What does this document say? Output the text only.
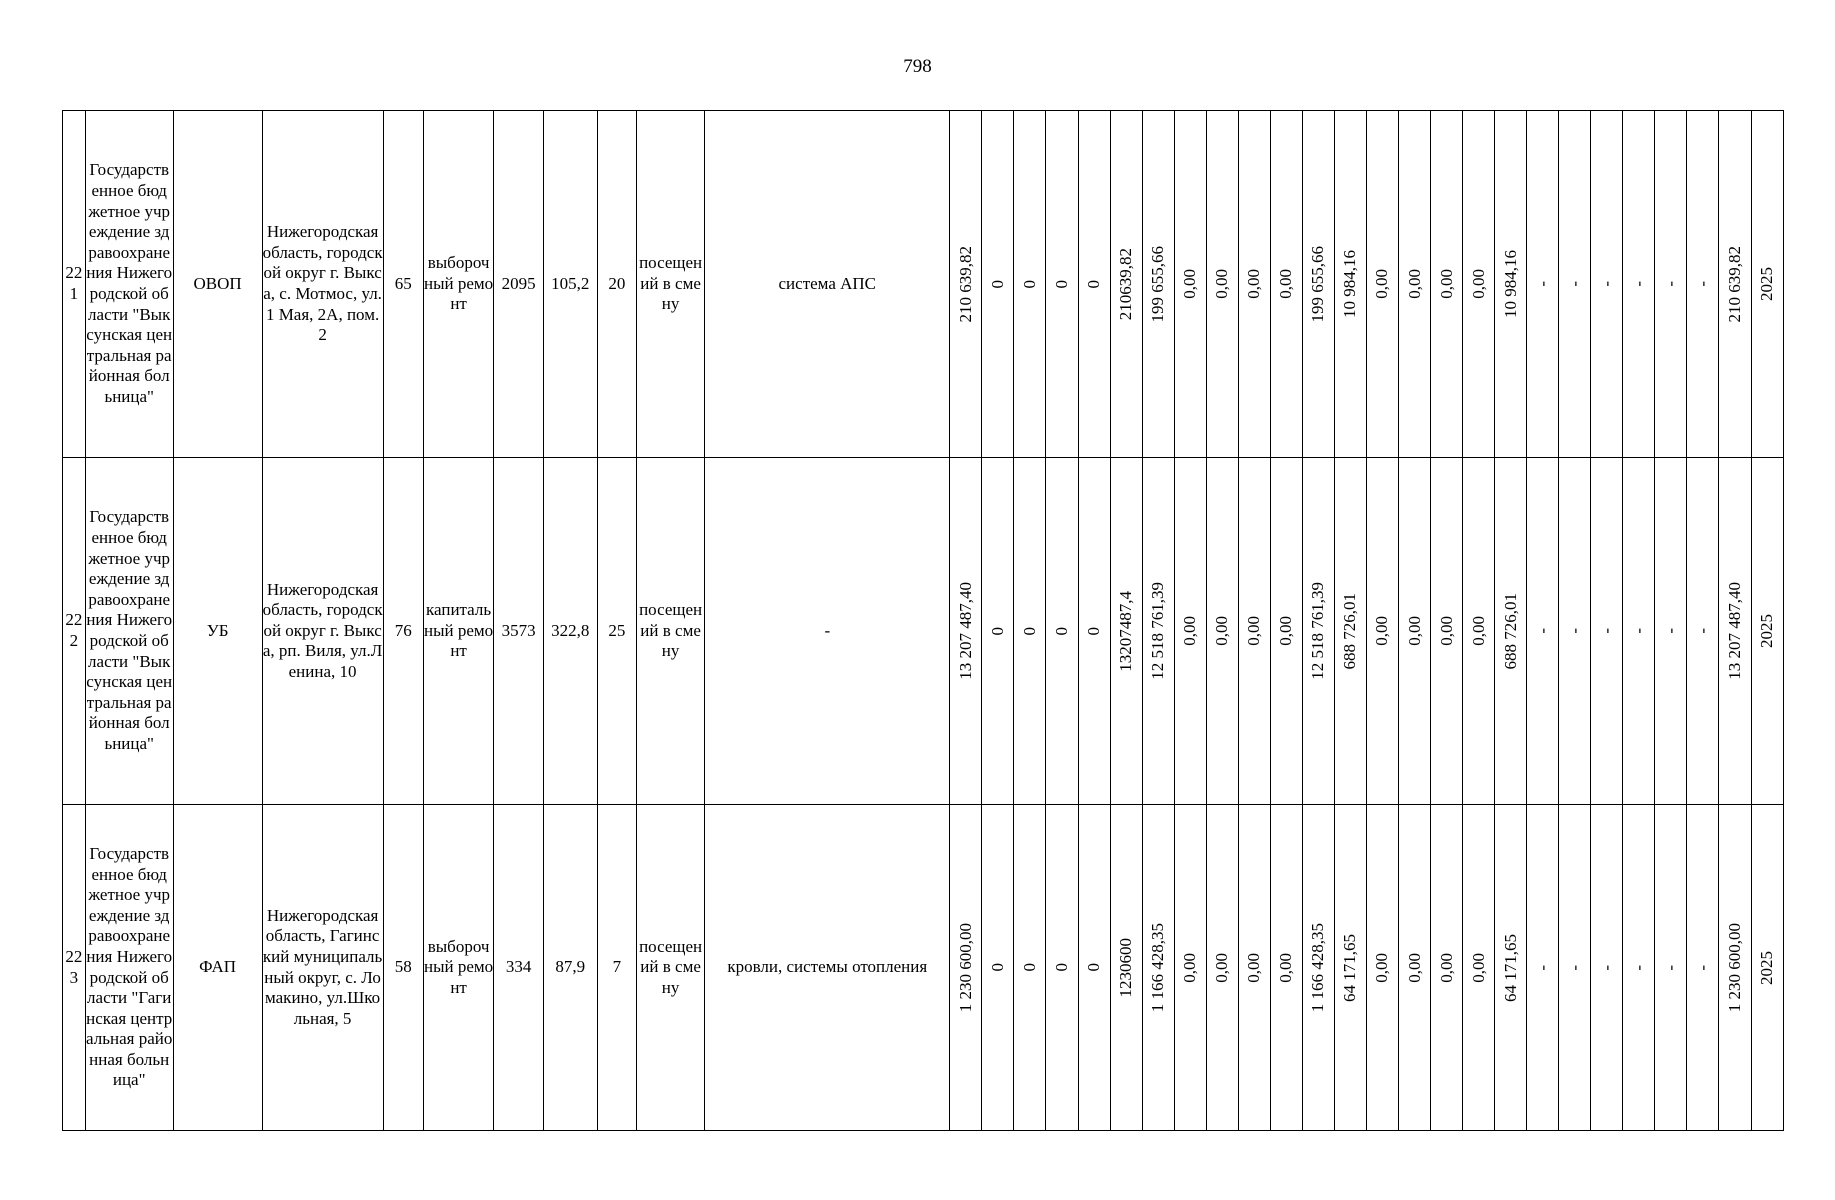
798
221	Государственное бюджетное учреждение здравоохранения Нижегородской области "Выксунская центральная районная больница"	ОВОП	Нижегородская область, городской округ г. Выкса, с. Мотмос, ул.1 Мая, 2А, пом.2	65	выборочный ремонт	2095	105,2	20	посещений в смену	система АПС	210 639,82	0	0	0	0	210639,82	199 655,66	0,00	0,00	0,00	0,00	199 655,66	10 984,16	0,00	0,00	0,00	0,00	10 984,16	-	-	-	-	-	-	210 639,82	2025

222	Государственное бюджетное учреждение здравоохранения Нижегородской области "Выксунская центральная районная больница"	УБ	Нижегородская область, городской округ г. Выкса, рп. Виля, ул.Ленина, 10	76	капитальный ремонт	3573	322,8	25	посещений в смену	-	13 207 487,40	0	0	0	0	13207487,4	12 518 761,39	0,00	0,00	0,00	0,00	12 518 761,39	688 726,01	0,00	0,00	0,00	0,00	688 726,01	-	-	-	-	-	-	13 207 487,40	2025

223	Государственное бюджетное учреждение здравоохранения Нижегородской области "Гагинская центральная районная больница"	ФАП	Нижегородская область, Гагинский муниципальный округ, с. Ломакино, ул.Школьная, 5	58	выборочный ремонт	334	87,9	7	посещений в смену	кровли, системы отопления	1 230 600,00	0	0	0	0	1230600	1 166 428,35	0,00	0,00	0,00	0,00	1 166 428,35	64 171,65	0,00	0,00	0,00	0,00	64 171,65	-	-	-	-	-	-	1 230 600,00	2025
